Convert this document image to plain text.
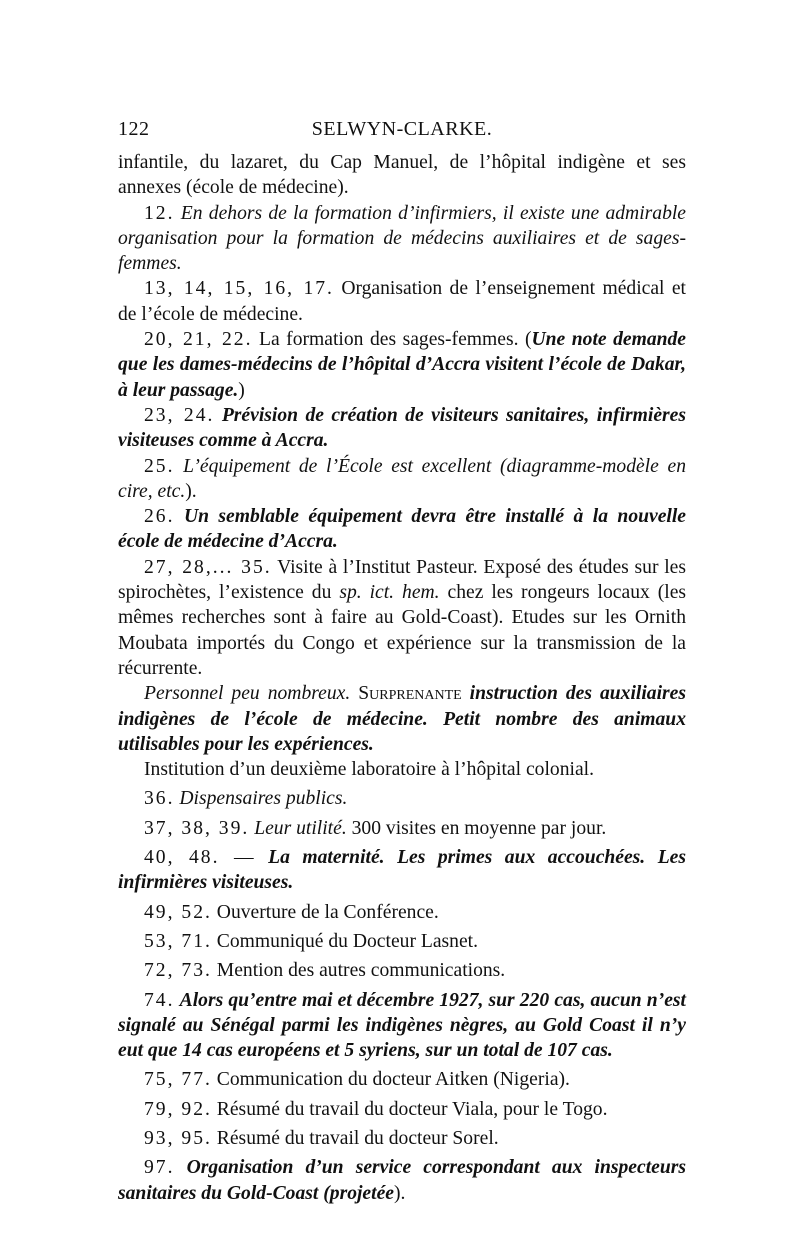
122	SELWYN-CLARKE.

infantile, du lazaret, du Cap Manuel, de l’hôpital indigène et ses annexes (école de médecine).

12. En dehors de la formation d’infirmiers, il existe une admirable organisation pour la formation de médecins auxiliaires et de sages-femmes.

13, 14, 15, 16, 17. Organisation de l’enseignement médical et de l’école de médecine.

20, 21, 22. La formation des sages-femmes. (Une note demande que les dames-médecins de l’hôpital d’Accra visitent l’école de Dakar, à leur passage.)

23, 24. Prévision de création de visiteurs sanitaires, infirmières visiteuses comme à Accra.

25. L’équipement de l’École est excellent (diagramme-modèle en cire, etc.).

26. Un semblable équipement devra être installé à la nouvelle école de médecine d’Accra.

27, 28,... 35. Visite à l’Institut Pasteur. Exposé des études sur les spirochètes, l’existence du sp. ict. hem. chez les rongeurs locaux (les mêmes recherches sont à faire au Gold-Coast). Etudes sur les Ornith Moubata importés du Congo et expérience sur la transmission de la récurrente.

Personnel peu nombreux. Surprenante instruction des auxiliaires indigènes de l’école de médecine. Petit nombre des animaux utilisables pour les expériences.

Institution d’un deuxième laboratoire à l’hôpital colonial.

36. Dispensaires publics.

37, 38, 39. Leur utilité. 300 visites en moyenne par jour.

40, 48. — La maternité. Les primes aux accouchées. Les infirmières visiteuses.

49, 52. Ouverture de la Conférence.

53, 71. Communiqué du Docteur Lasnet.

72, 73. Mention des autres communications.

74. Alors qu’entre mai et décembre 1927, sur 220 cas, aucun n’est signalé au Sénégal parmi les indigènes nègres, au Gold Coast il n’y eut que 14 cas européens et 5 syriens, sur un total de 107 cas.

75, 77. Communication du docteur Aitken (Nigeria).

79, 92. Résumé du travail du docteur Viala, pour le Togo.

93, 95. Résumé du travail du docteur Sorel.

97. Organisation d’un service correspondant aux inspecteurs sanitaires du Gold-Coast (projetée).
